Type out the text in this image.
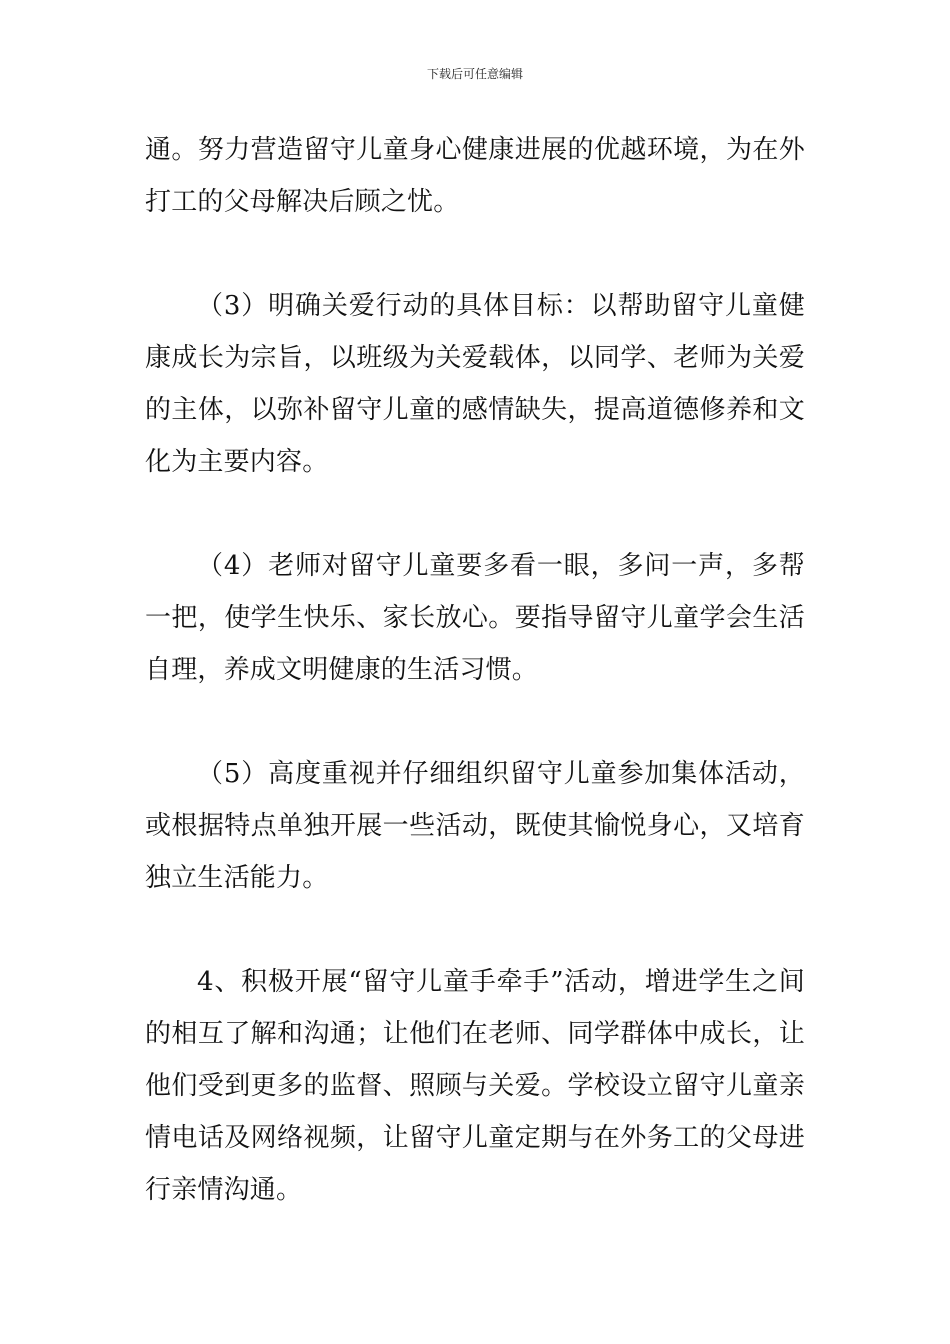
下载后可任意编辑

通。努力营造留守儿童身心健康进展的优越环境，为在外打工的父母解决后顾之忧。

（3）明确关爱行动的具体目标：以帮助留守儿童健康成长为宗旨，以班级为关爱载体，以同学、老师为关爱的主体，以弥补留守儿童的感情缺失，提高道德修养和文化为主要内容。

（4）老师对留守儿童要多看一眼，多问一声，多帮一把，使学生快乐、家长放心。要指导留守儿童学会生活自理，养成文明健康的生活习惯。

（5）高度重视并仔细组织留守儿童参加集体活动，或根据特点单独开展一些活动，既使其愉悦身心，又培育独立生活能力。

4、积极开展“留守儿童手牵手”活动，增进学生之间的相互了解和沟通；让他们在老师、同学群体中成长，让他们受到更多的监督、照顾与关爱。学校设立留守儿童亲情电话及网络视频，让留守儿童定期与在外务工的父母进行亲情沟通。
